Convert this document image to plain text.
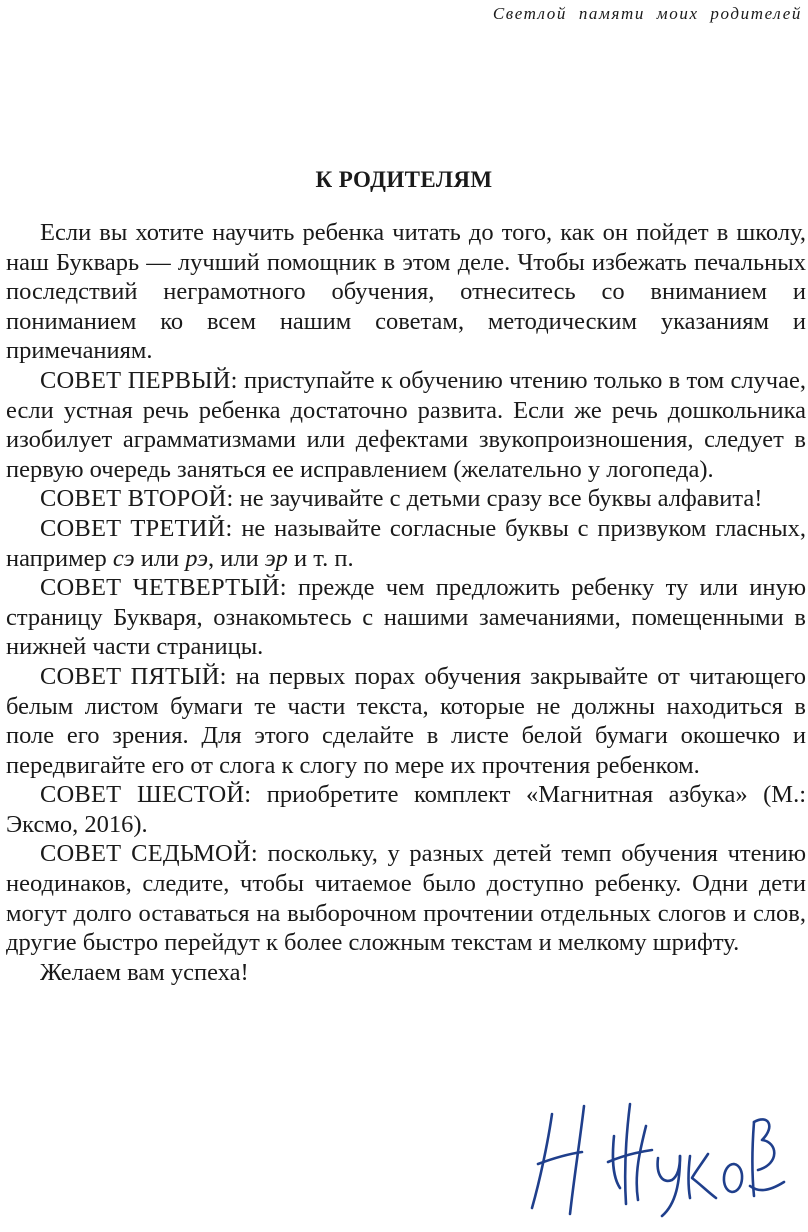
Светлой памяти моих родителей
К РОДИТЕЛЯМ

Если вы хотите научить ребенка читать до того, как он пойдет в школу, наш Букварь — лучший помощник в этом деле. Чтобы избежать печальных последствий неграмотного обучения, отнеситесь со вниманием и пониманием ко всем нашим советам, методическим указаниям и примечаниям.

СОВЕТ ПЕРВЫЙ: приступайте к обучению чтению только в том случае, если устная речь ребенка достаточно развита. Если же речь дошкольника изобилует аграмматизмами или дефектами звукопроизношения, следует в первую очередь заняться ее исправлением (желательно у логопеда).

СОВЕТ ВТОРОЙ: не заучивайте с детьми сразу все буквы алфавита!

СОВЕТ ТРЕТИЙ: не называйте согласные буквы с призвуком гласных, например сэ или рэ, или эр и т. п.

СОВЕТ ЧЕТВЕРТЫЙ: прежде чем предложить ребенку ту или иную страницу Букваря, ознакомьтесь с нашими замечаниями, помещенными в нижней части страницы.

СОВЕТ ПЯТЫЙ: на первых порах обучения закрывайте от читающего белым листом бумаги те части текста, которые не должны находиться в поле его зрения. Для этого сделайте в листе белой бумаги окошечко и передвигайте его от слога к слогу по мере их прочтения ребенком.

СОВЕТ ШЕСТОЙ: приобретите комплект «Магнитная азбука» (М.: Эксмо, 2016).

СОВЕТ СЕДЬМОЙ: поскольку, у разных детей темп обучения чтению неодинаков, следите, чтобы читаемое было доступно ребенку. Одни дети могут долго оставаться на выборочном прочтении отдельных слогов и слов, другие быстро перейдут к более сложным текстам и мелкому шрифту.

Желаем вам успеха!
